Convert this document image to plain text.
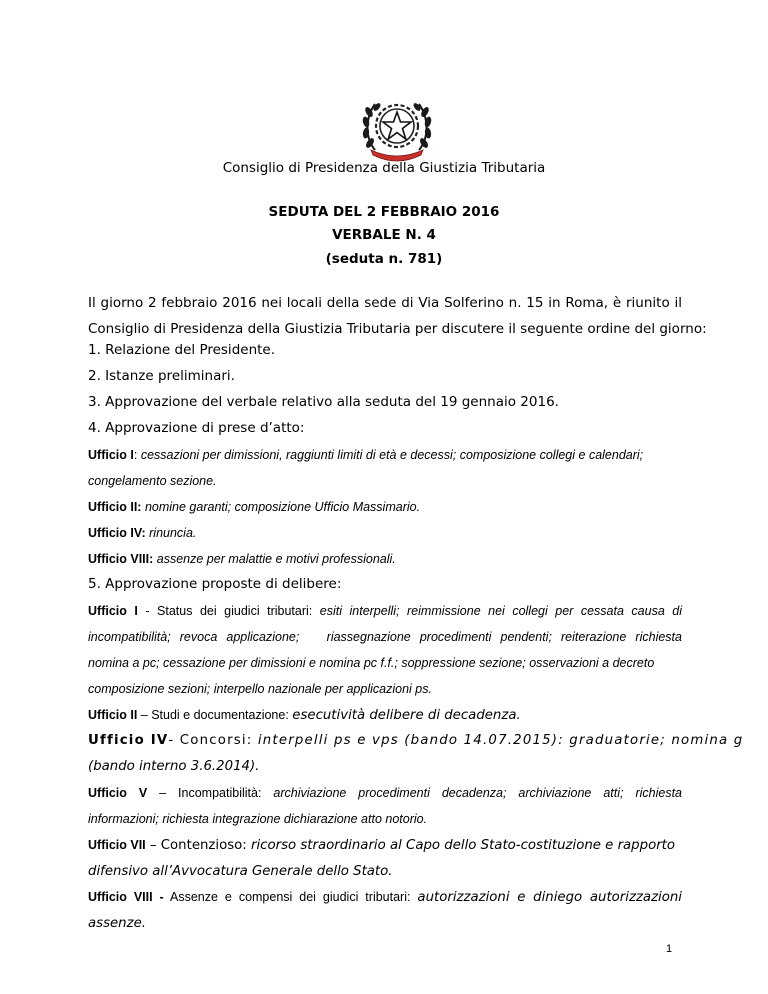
Consiglio di Presidenza della Giustizia Tributaria
SEDUTA DEL 2 FEBBRAIO 2016
VERBALE N. 4
(seduta n. 781)
Il giorno 2 febbraio 2016 nei locali della sede di Via Solferino n. 15 in Roma, è riunito il
Consiglio di Presidenza della Giustizia Tributaria per discutere il seguente ordine del giorno:
1. Relazione del Presidente.
2. Istanze preliminari.
3. Approvazione del verbale relativo alla seduta del 19 gennaio 2016.
4. Approvazione di prese d’atto:
Ufficio I: cessazioni per dimissioni, raggiunti limiti di età e decessi; composizione collegi e calendari;
congelamento sezione.
Ufficio II: nomine garanti; composizione Ufficio Massimario.
Ufficio IV: rinuncia.
Ufficio VIII: assenze per malattie e motivi professionali.
5. Approvazione proposte di delibere:
Ufficio I - Status dei giudici tributari: esiti interpelli; reimmissione nei collegi per cessata causa di
incompatibilità; revoca applicazione; riassegnazione procedimenti pendenti; reiterazione richiesta
nomina a pc; cessazione per dimissioni e nomina pc f.f.; soppressione sezione; osservazioni a decreto
composizione sezioni; interpello nazionale per applicazioni ps.
Ufficio II – Studi e documentazione: esecutività delibere di decadenza.
Ufficio IV- Concorsi: interpelli ps e vps (bando 14.07.2015): graduatorie; nomina g
(bando interno 3.6.2014).
Ufficio V – Incompatibilità: archiviazione procedimenti decadenza; archiviazione atti; richiesta
informazioni; richiesta integrazione dichiarazione atto notorio.
Ufficio VII – Contenzioso: ricorso straordinario al Capo dello Stato-costituzione e rapporto
difensivo all’Avvocatura Generale dello Stato.
Ufficio VIII - Assenze e compensi dei giudici tributari: autorizzazioni e diniego autorizzazioni
assenze.
1
